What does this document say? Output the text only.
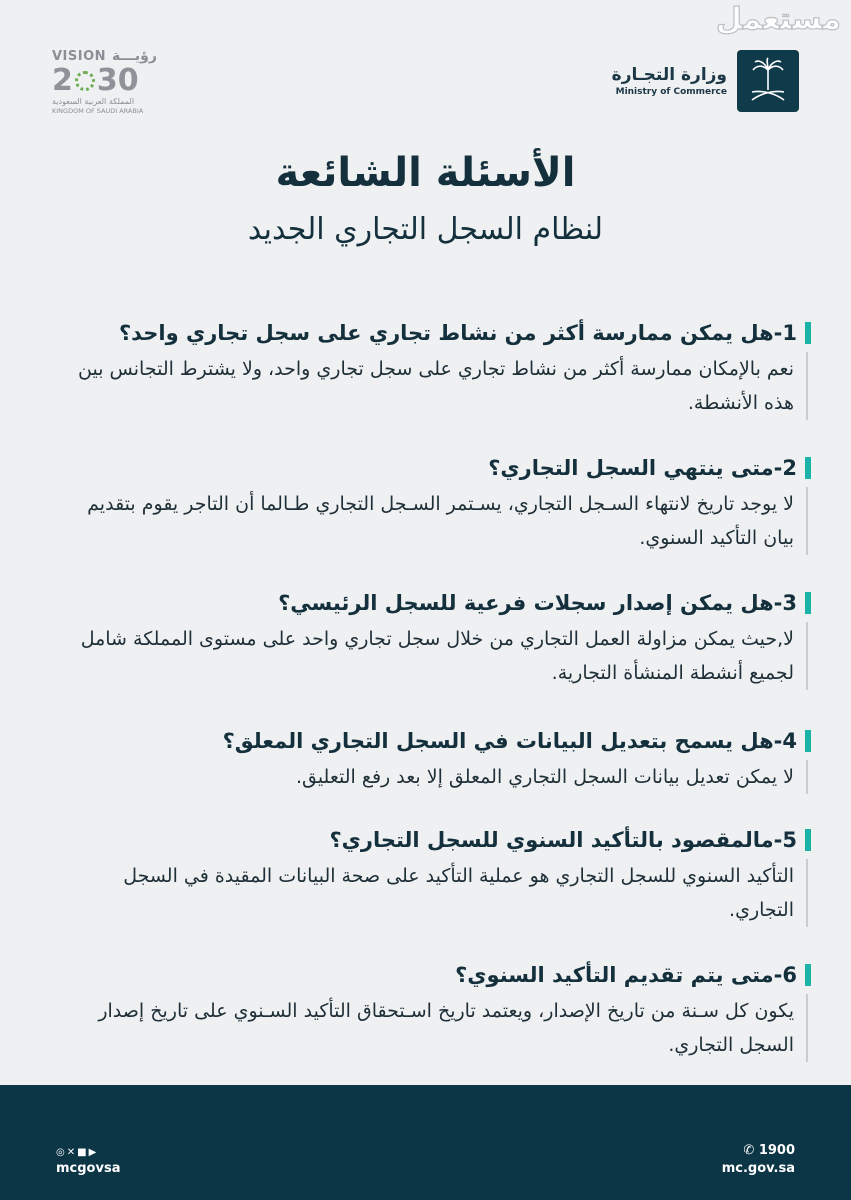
مستعمل
VISION رؤيـــة
2 30
المملكة العربية السعودية
KINGDOM OF SAUDI ARABIA
وزارة التجـارة
Ministry of Commerce
الأسئلة الشائعة
لنظام السجل التجاري الجديد
1-هل يمكن ممارسة أكثر من نشاط تجاري على سجل تجاري واحد؟
نعم بالإمكان ممارسة أكثر من نشاط تجاري على سجل تجاري واحد، ولا يشترط التجانس بين هذه الأنشطة.
2-متى ينتهي السجل التجاري؟
لا يوجد تاريخ لانتهاء السـجل التجاري، يسـتمر السـجل التجاري طـالما أن التاجر يقوم بتقديم بيان التأكيد السنوي.
3-هل يمكن إصدار سجلات فرعية للسجل الرئيسي؟
لا,حيث يمكن مزاولة العمل التجاري من خلال سجل تجاري واحد على مستوى المملكة شامل لجميع أنشطة المنشأة التجارية.
4-هل يسمح بتعديل البيانات في السجل التجاري المعلق؟
لا يمكن تعديل بيانات السجل التجاري المعلق إلا بعد رفع التعليق.
5-مالمقصود بالتأكيد السنوي للسجل التجاري؟
التأكيد السنوي للسجل التجاري هو عملية التأكيد على صحة البيانات المقيدة في السجل التجاري.
6-متى يتم تقديم التأكيد السنوي؟
يكون كل سـنة من تاريخ الإصدار، ويعتمد تاريخ اسـتحقاق التأكيد السـنوي على تاريخ إصدار السجل التجاري.
◎✕■▶
mcgovsa
✆ 1900
mc.gov.sa
